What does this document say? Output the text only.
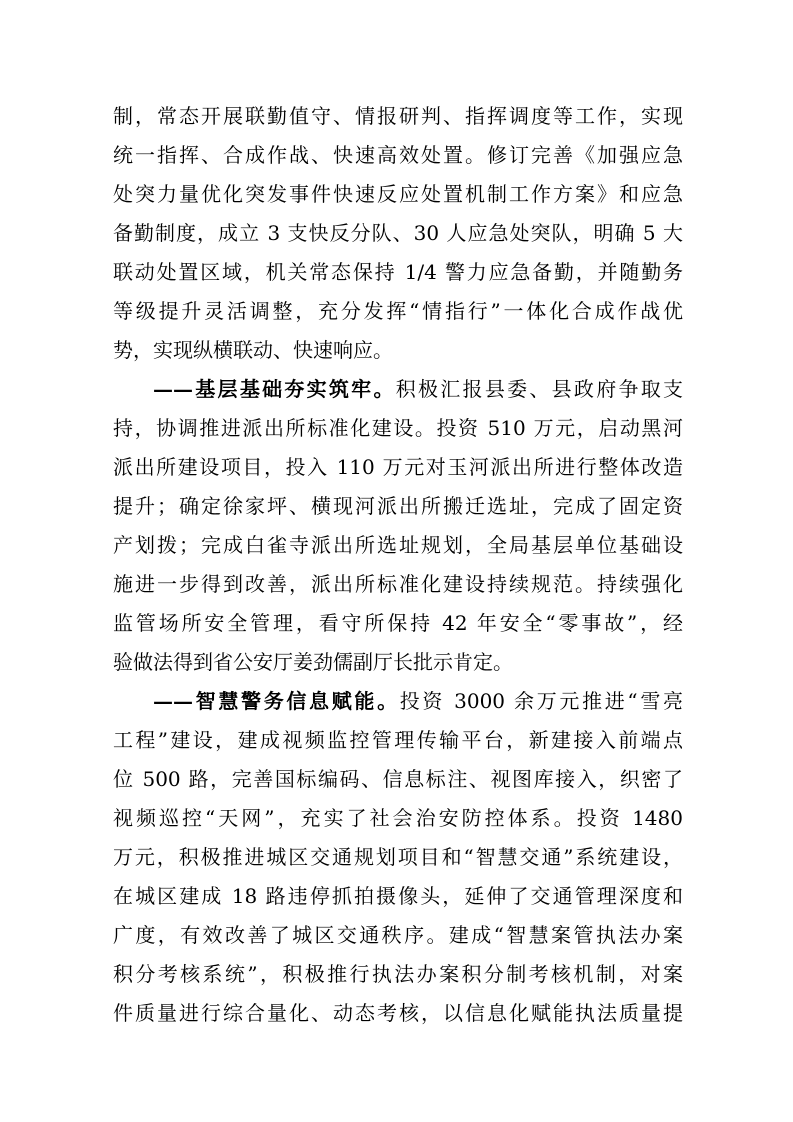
制，常态开展联勤值守、情报研判、指挥调度等工作，实现
统一指挥、合成作战、快速高效处置。修订完善《加强应急
处突力量优化突发事件快速反应处置机制工作方案》和应急
备勤制度，成立 3 支快反分队、30 人应急处突队，明确 5 大
联动处置区域，机关常态保持 1/4 警力应急备勤，并随勤务
等级提升灵活调整，充分发挥“情指行”一体化合成作战优
势，实现纵横联动、快速响应。
——基层基础夯实筑牢。积极汇报县委、县政府争取支
持，协调推进派出所标准化建设。投资 510 万元，启动黑河
派出所建设项目，投入 110 万元对玉河派出所进行整体改造
提升；确定徐家坪、横现河派出所搬迁选址，完成了固定资
产划拨；完成白雀寺派出所选址规划，全局基层单位基础设
施进一步得到改善，派出所标准化建设持续规范。持续强化
监管场所安全管理，看守所保持 42 年安全“零事故”，经
验做法得到省公安厅姜劲儒副厅长批示肯定。
——智慧警务信息赋能。投资 3000 余万元推进“雪亮
工程”建设，建成视频监控管理传输平台，新建接入前端点
位 500 路，完善国标编码、信息标注、视图库接入，织密了
视频巡控“天网”，充实了社会治安防控体系。投资 1480
万元，积极推进城区交通规划项目和“智慧交通”系统建设，
在城区建成 18 路违停抓拍摄像头，延伸了交通管理深度和
广度，有效改善了城区交通秩序。建成“智慧案管执法办案
积分考核系统”，积极推行执法办案积分制考核机制，对案
件质量进行综合量化、动态考核，以信息化赋能执法质量提
